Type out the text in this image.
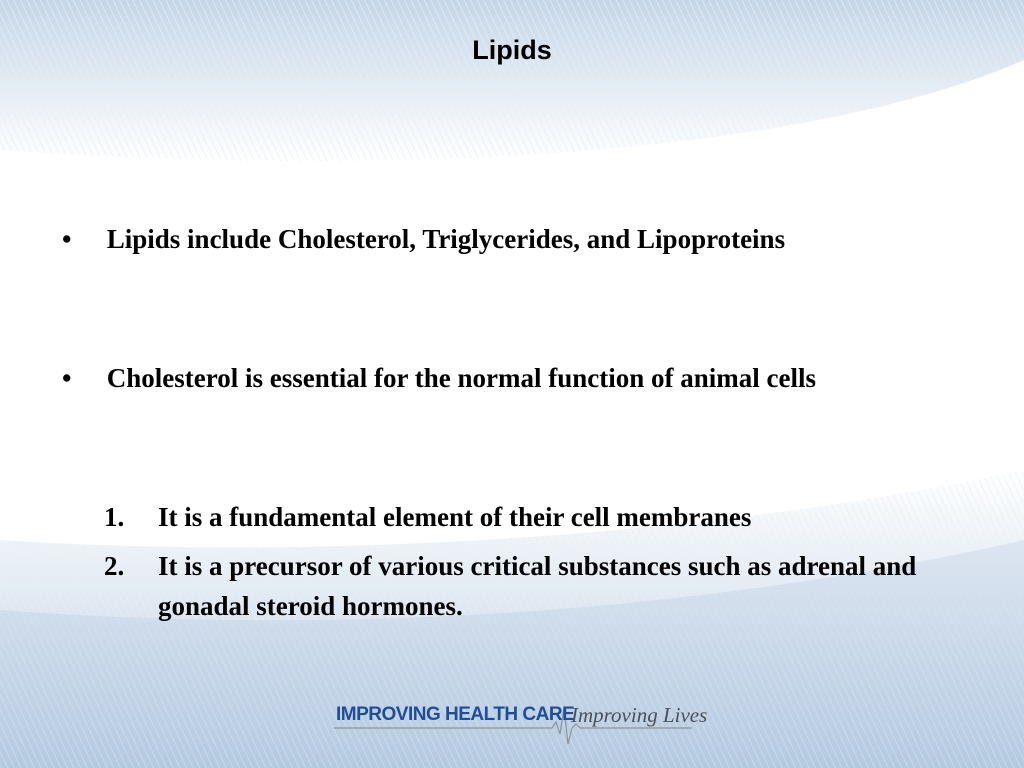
Lipids
• Lipids include Cholesterol, Triglycerides, and Lipoproteins
• Cholesterol is essential for the normal function of animal cells
1. It is a fundamental element of their cell membranes
2. It is a precursor of various critical substances such as adrenal and gonadal steroid hormones.
IMPROVING HEALTH CARE
Improving Lives
